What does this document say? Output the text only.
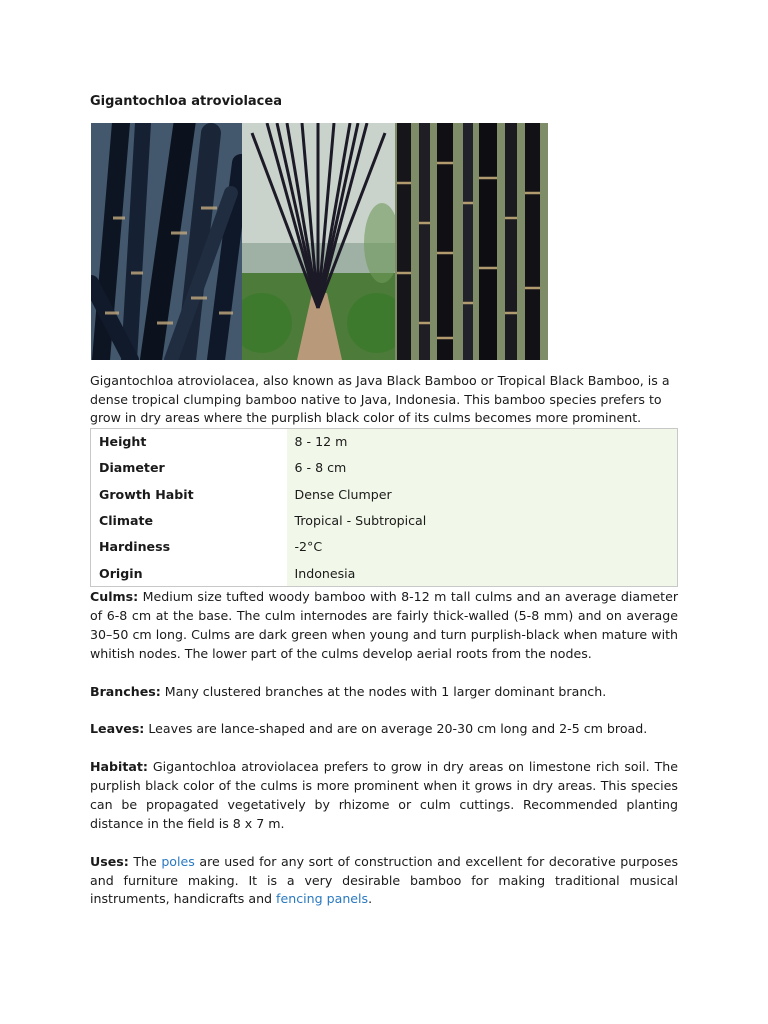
Gigantochloa atroviolacea

Gigantochloa atroviolacea, also known as Java Black Bamboo or Tropical Black Bamboo, is a dense tropical clumping bamboo native to Java, Indonesia. This bamboo species prefers to grow in dry areas where the purplish black color of its culms becomes more prominent.

Height	8 - 12 m
Diameter	6 - 8 cm
Growth Habit	Dense Clumper
Climate	Tropical - Subtropical
Hardiness	-2°C
Origin	Indonesia

Culms: Medium size tufted woody bamboo with 8-12 m tall culms and an average diameter of 6-8 cm at the base. The culm internodes are fairly thick-walled (5-8 mm) and on average 30–50 cm long. Culms are dark green when young and turn purplish-black when mature with whitish nodes. The lower part of the culms develop aerial roots from the nodes.

Branches: Many clustered branches at the nodes with 1 larger dominant branch.

Leaves: Leaves are lance-shaped and are on average 20-30 cm long and 2-5 cm broad.

Habitat: Gigantochloa atroviolacea prefers to grow in dry areas on limestone rich soil. The purplish black color of the culms is more prominent when it grows in dry areas. This species can be propagated vegetatively by rhizome or culm cuttings. Recommended planting distance in the field is 8 x 7 m.

Uses: The poles are used for any sort of construction and excellent for decorative purposes and furniture making. It is a very desirable bamboo for making traditional musical instruments, handicrafts and fencing panels.
